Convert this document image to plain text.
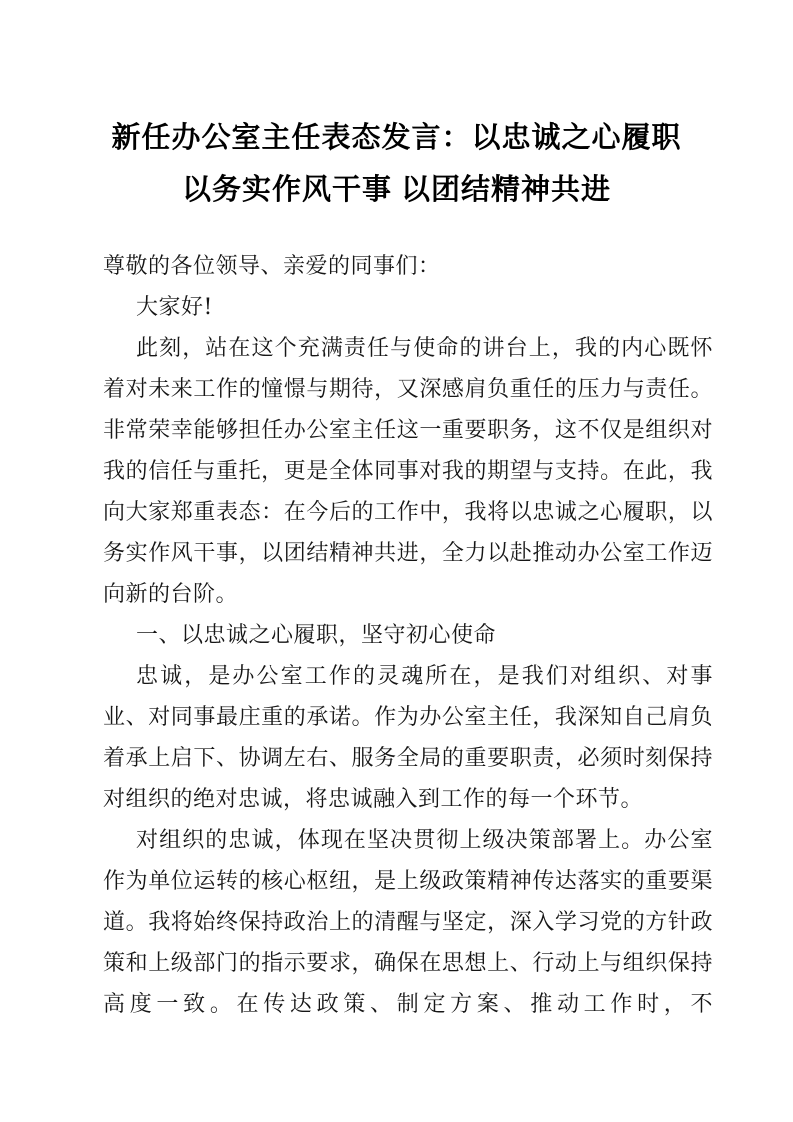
新任办公室主任表态发言：以忠诚之心履职
以务实作风干事 以团结精神共进

尊敬的各位领导、亲爱的同事们：

大家好!

此刻，站在这个充满责任与使命的讲台上，我的内心既怀着对未来工作的憧憬与期待，又深感肩负重任的压力与责任。非常荣幸能够担任办公室主任这一重要职务，这不仅是组织对我的信任与重托，更是全体同事对我的期望与支持。在此，我向大家郑重表态：在今后的工作中，我将以忠诚之心履职，以务实作风干事，以团结精神共进，全力以赴推动办公室工作迈向新的台阶。

一、以忠诚之心履职，坚守初心使命

忠诚，是办公室工作的灵魂所在，是我们对组织、对事业、对同事最庄重的承诺。作为办公室主任，我深知自己肩负着承上启下、协调左右、服务全局的重要职责，必须时刻保持对组织的绝对忠诚，将忠诚融入到工作的每一个环节。

对组织的忠诚，体现在坚决贯彻上级决策部署上。办公室作为单位运转的核心枢纽，是上级政策精神传达落实的重要渠道。我将始终保持政治上的清醒与坚定，深入学习党的方针政策和上级部门的指示要求，确保在思想上、行动上与组织保持高度一致。在传达政策、制定方案、推动工作时，不
